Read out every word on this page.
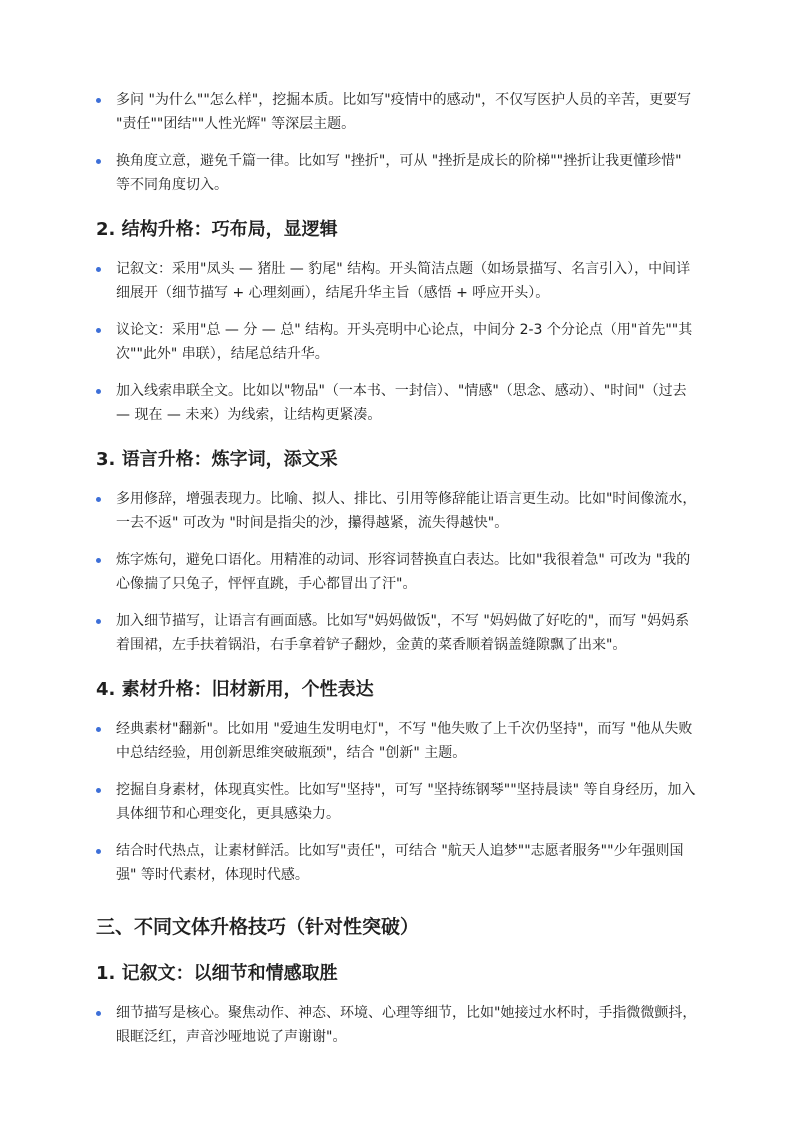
多问 "为什么""怎么样"，挖掘本质。比如写"疫情中的感动"，不仅写医护人员的辛苦，更要写 "责任""团结""人性光辉" 等深层主题。
换角度立意，避免千篇一律。比如写 "挫折"，可从 "挫折是成长的阶梯""挫折让我更懂珍惜" 等不同角度切入。
2. 结构升格：巧布局，显逻辑
记叙文：采用"凤头 — 猪肚 — 豹尾" 结构。开头简洁点题（如场景描写、名言引入），中间详细展开（细节描写 + 心理刻画），结尾升华主旨（感悟 + 呼应开头）。
议论文：采用"总 — 分 — 总" 结构。开头亮明中心论点，中间分 2-3 个分论点（用"首先""其次""此外" 串联），结尾总结升华。
加入线索串联全文。比如以"物品"（一本书、一封信）、"情感"（思念、感动）、"时间"（过去 — 现在 — 未来）为线索，让结构更紧凑。
3. 语言升格：炼字词，添文采
多用修辞，增强表现力。比喻、拟人、排比、引用等修辞能让语言更生动。比如"时间像流水，一去不返" 可改为 "时间是指尖的沙，攥得越紧，流失得越快"。
炼字炼句，避免口语化。用精准的动词、形容词替换直白表达。比如"我很着急" 可改为 "我的心像揣了只兔子，怦怦直跳，手心都冒出了汗"。
加入细节描写，让语言有画面感。比如写"妈妈做饭"，不写 "妈妈做了好吃的"，而写 "妈妈系着围裙，左手扶着锅沿，右手拿着铲子翻炒，金黄的菜香顺着锅盖缝隙飘了出来"。
4. 素材升格：旧材新用，个性表达
经典素材"翻新"。比如用 "爱迪生发明电灯"，不写 "他失败了上千次仍坚持"，而写 "他从失败中总结经验，用创新思维突破瓶颈"，结合 "创新" 主题。
挖掘自身素材，体现真实性。比如写"坚持"，可写 "坚持练钢琴""坚持晨读" 等自身经历，加入具体细节和心理变化，更具感染力。
结合时代热点，让素材鲜活。比如写"责任"，可结合 "航天人追梦""志愿者服务""少年强则国强" 等时代素材，体现时代感。
三、不同文体升格技巧（针对性突破）
1. 记叙文：以细节和情感取胜
细节描写是核心。聚焦动作、神态、环境、心理等细节，比如"她接过水杯时，手指微微颤抖，眼眶泛红，声音沙哑地说了声谢谢"。
